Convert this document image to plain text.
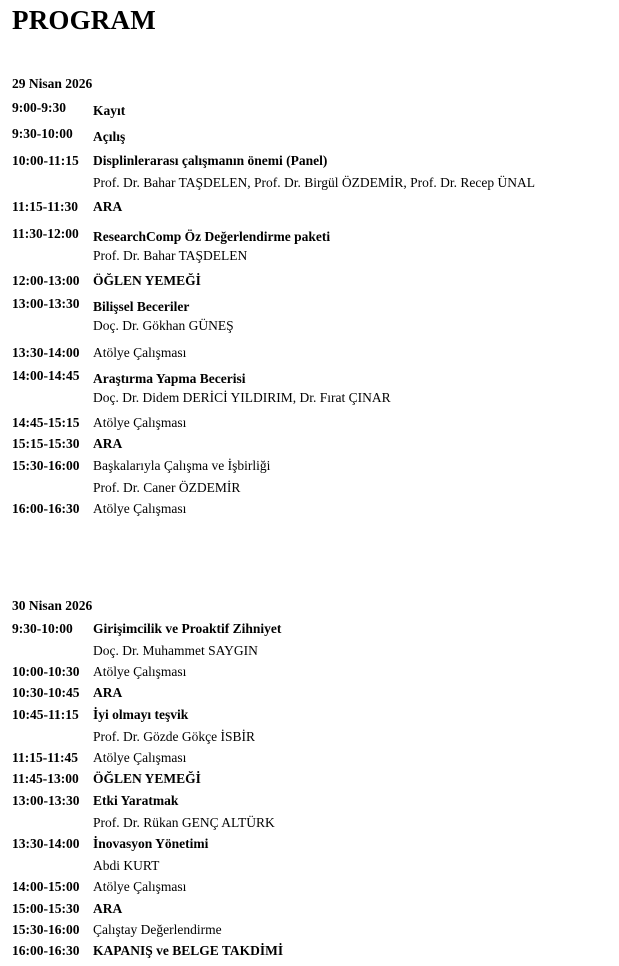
PROGRAM
29 Nisan 2026
9:00-9:30	Kayıt
9:30-10:00	Açılış
10:00-11:15	Displinlerarası çalışmanın önemi (Panel)
Prof. Dr. Bahar TAŞDELEN, Prof. Dr. Birgül ÖZDEMİR, Prof. Dr. Recep ÜNAL
11:15-11:30	ARA
11:30-12:00	ResearchComp Öz Değerlendirme paketi
Prof. Dr. Bahar TAŞDELEN
12:00-13:00	ÖĞLEN YEMEĞİ
13:00-13:30	Bilişsel Beceriler
Doç. Dr. Gökhan GÜNEŞ
13:30-14:00	Atölye Çalışması
14:00-14:45	Araştırma Yapma Becerisi
Doç. Dr. Didem DERİCİ YILDIRIM, Dr. Fırat ÇINAR
14:45-15:15	Atölye Çalışması
15:15-15:30	ARA
15:30-16:00	Başkalarıyla Çalışma ve İşbirliği
Prof. Dr. Caner ÖZDEMİR
16:00-16:30	Atölye Çalışması
30 Nisan 2026
9:30-10:00	Girişimcilik ve Proaktif Zihniyet
Doç. Dr. Muhammet SAYGIN
10:00-10:30	Atölye Çalışması
10:30-10:45	ARA
10:45-11:15	İyi olmayı teşvik
Prof. Dr. Gözde Gökçe İSBİR
11:15-11:45	Atölye Çalışması
11:45-13:00	ÖĞLEN YEMEĞİ
13:00-13:30	Etki Yaratmak
Prof. Dr. Rükan GENÇ ALTÜRK
13:30-14:00	İnovasyon Yönetimi
Abdi KURT
14:00-15:00	Atölye Çalışması
15:00-15:30	ARA
15:30-16:00	Çalıştay Değerlendirme
16:00-16:30	KAPANIŞ ve BELGE TAKDİMİ
